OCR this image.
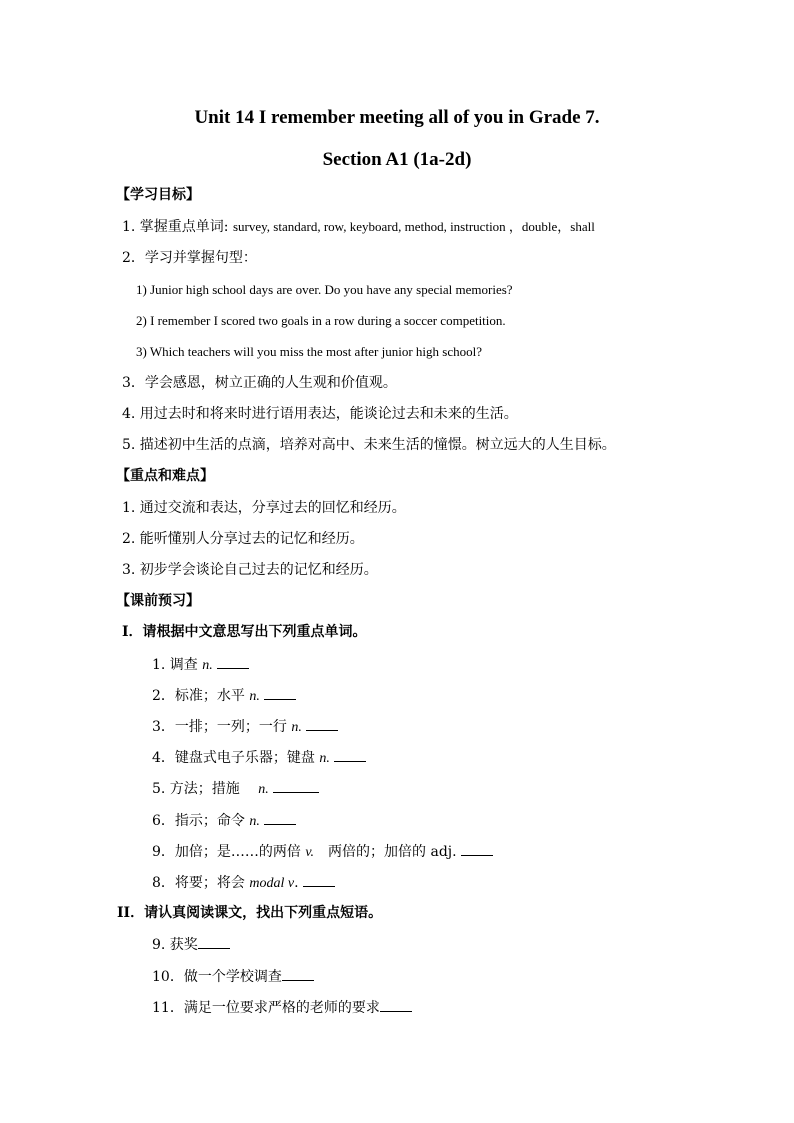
Unit 14 I remember meeting all of you in Grade 7.
Section A1 (1a-2d)
【学习目标】
1. 掌握重点单词: survey, standard, row, keyboard, method, instruction ，double，shall
2．学习并掌握句型：
1) Junior high school days are over. Do you have any special memories?
2) I remember I scored two goals in a row during a soccer competition.
3) Which teachers will you miss the most after junior high school?
3．学会感恩，树立正确的人生观和价值观。
4. 用过去时和将来时进行语用表达，能谈论过去和未来的生活。
5. 描述初中生活的点滴，培养对高中、未来生活的憧憬。树立远大的人生目标。
【重点和难点】
1. 通过交流和表达，分享过去的回忆和经历。
2. 能听懂别人分享过去的记忆和经历。
3. 初步学会谈论自己过去的记忆和经历。
【课前预习】
I．请根据中文意思写出下列重点单词。
1. 调查 n.
2．标准；水平 n.
3．一排；一列；一行 n.
4．键盘式电子乐器；键盘 n.
5. 方法；措施　 n.
6．指示；命令 n.
9．加倍；是……的两倍 v.　两倍的；加倍的 adj.
8．将要；将会 modal v.
II．请认真阅读课文，找出下列重点短语。
9. 获奖
10．做一个学校调查
11．满足一位要求严格的老师的要求
